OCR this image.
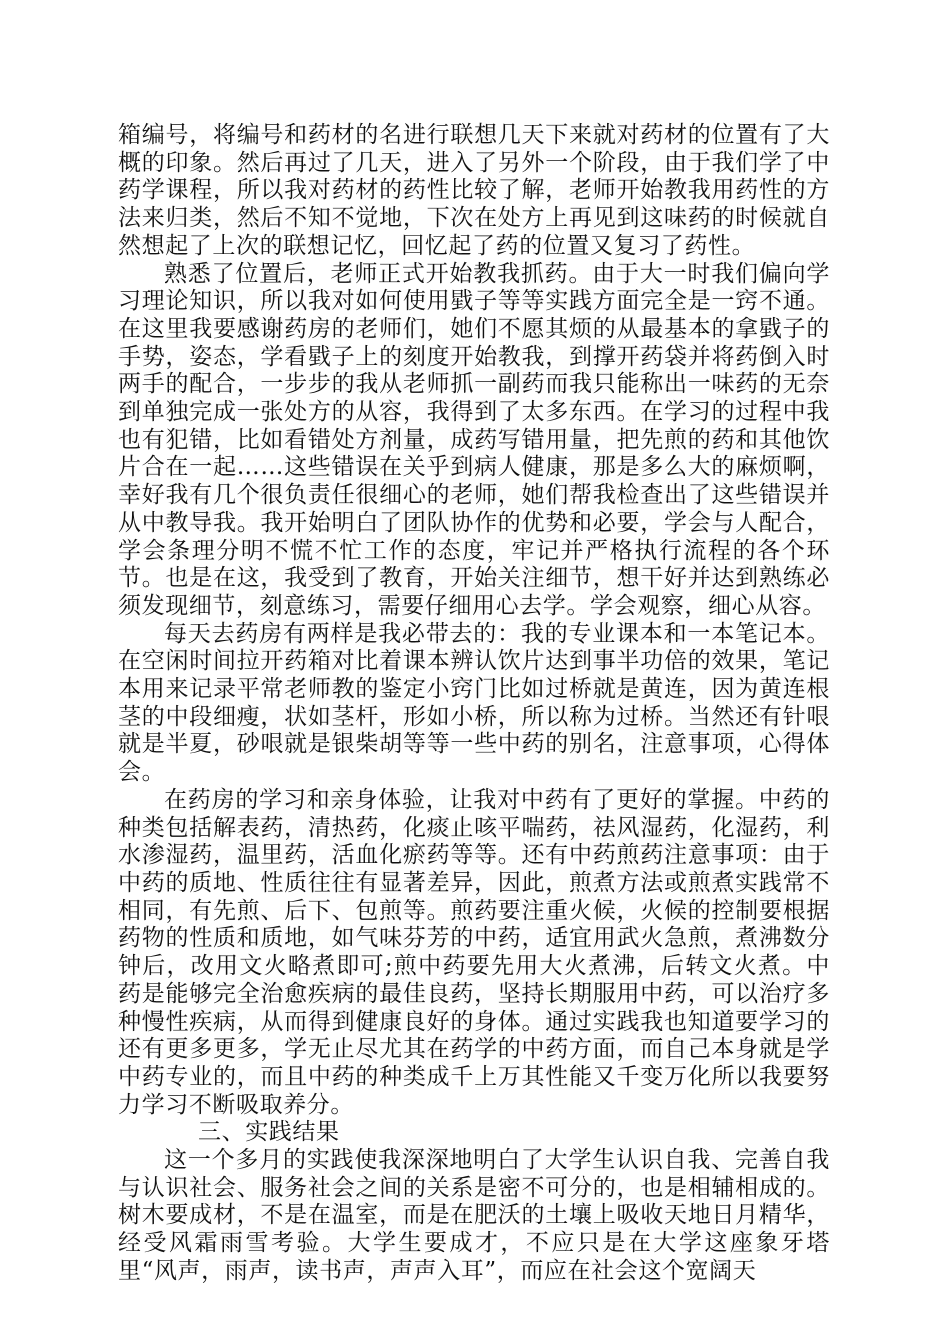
箱编号，将编号和药材的名进行联想几天下来就对药材的位置有了大概的印象。然后再过了几天，进入了另外一个阶段，由于我们学了中药学课程，所以我对药材的药性比较了解，老师开始教我用药性的方法来归类，然后不知不觉地，下次在处方上再见到这味药的时候就自然想起了上次的联想记忆，回忆起了药的位置又复习了药性。

熟悉了位置后，老师正式开始教我抓药。由于大一时我们偏向学习理论知识，所以我对如何使用戥子等等实践方面完全是一窍不通。在这里我要感谢药房的老师们，她们不愿其烦的从最基本的拿戥子的手势，姿态，学看戥子上的刻度开始教我，到撑开药袋并将药倒入时两手的配合，一步步的我从老师抓一副药而我只能称出一味药的无奈到单独完成一张处方的从容，我得到了太多东西。在学习的过程中我也有犯错，比如看错处方剂量，成药写错用量，把先煎的药和其他饮片合在一起……这些错误在关乎到病人健康，那是多么大的麻烦啊，幸好我有几个很负责任很细心的老师，她们帮我检查出了这些错误并从中教导我。我开始明白了团队协作的优势和必要，学会与人配合，学会条理分明不慌不忙工作的态度，牢记并严格执行流程的各个环节。也是在这，我受到了教育，开始关注细节，想干好并达到熟练必须发现细节，刻意练习，需要仔细用心去学。学会观察，细心从容。

每天去药房有两样是我必带去的：我的专业课本和一本笔记本。在空闲时间拉开药箱对比着课本辨认饮片达到事半功倍的效果，笔记本用来记录平常老师教的鉴定小窍门比如过桥就是黄连，因为黄连根茎的中段细瘦，状如茎杆，形如小桥，所以称为过桥。当然还有针哏就是半夏，砂哏就是银柴胡等等一些中药的别名，注意事项，心得体会。

在药房的学习和亲身体验，让我对中药有了更好的掌握。中药的种类包括解表药，清热药，化痰止咳平喘药，祛风湿药，化湿药，利水渗湿药，温里药，活血化瘀药等等。还有中药煎药注意事项：由于中药的质地、性质往往有显著差异，因此，煎煮方法或煎煮实践常不相同，有先煎、后下、包煎等。煎药要注重火候，火候的控制要根据药物的性质和质地，如气味芬芳的中药，适宜用武火急煎，煮沸数分钟后，改用文火略煮即可;煎中药要先用大火煮沸，后转文火煮。中药是能够完全治愈疾病的最佳良药，坚持长期服用中药，可以治疗多种慢性疾病，从而得到健康良好的身体。通过实践我也知道要学习的还有更多更多，学无止尽尤其在药学的中药方面，而自己本身就是学中药专业的，而且中药的种类成千上万其性能又千变万化所以我要努力学习不断吸取养分。

三、实践结果

这一个多月的实践使我深深地明白了大学生认识自我、完善自我与认识社会、服务社会之间的关系是密不可分的，也是相辅相成的。树木要成材，不是在温室，而是在肥沃的土壤上吸收天地日月精华，经受风霜雨雪考验。大学生要成才，不应只是在大学这座象牙塔里“风声，雨声，读书声，声声入耳”，而应在社会这个宽阔天
